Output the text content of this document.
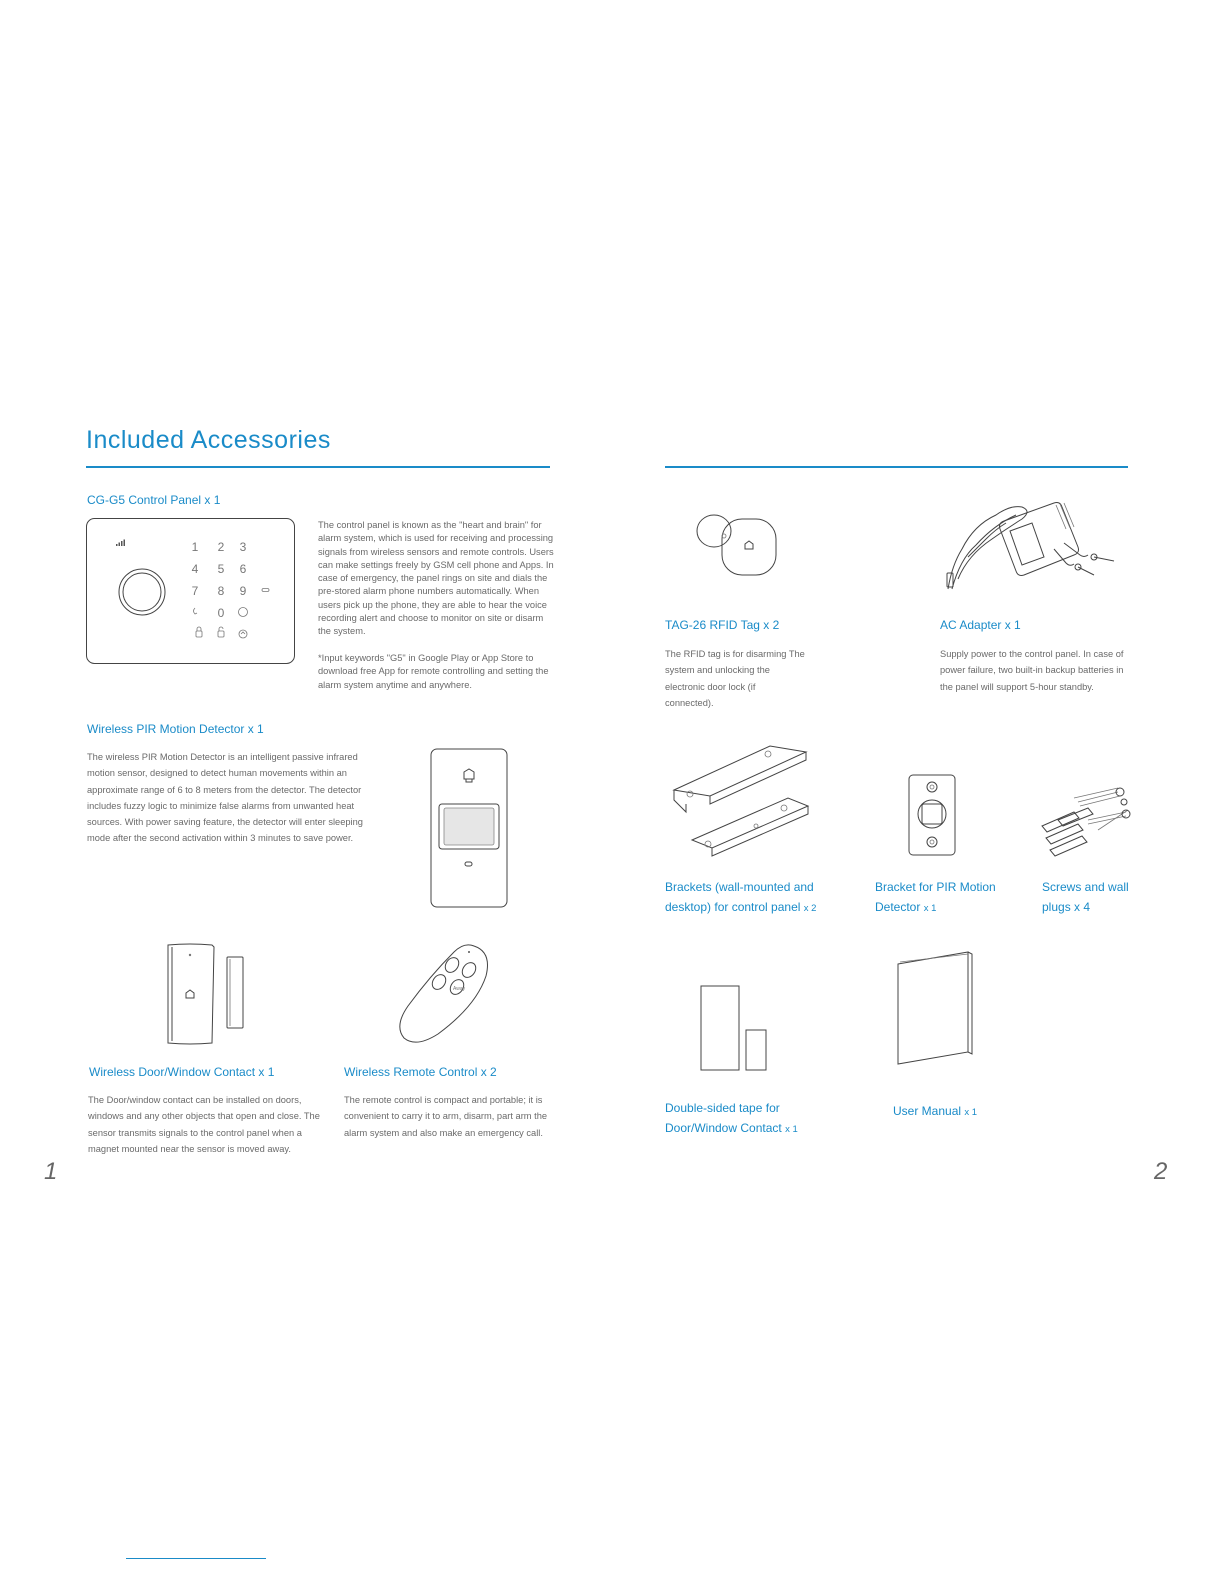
Included Accessories
CG-G5 Control Panel x 1
1 2 3
4 5 6
7 8 9
0

The control panel is known as the "heart and brain" for alarm system, which is used for receiving and processing signals from wireless sensors and remote controls. Users can make settings freely by GSM cell phone and Apps. In case of emergency, the panel rings on site and dials the pre-stored alarm phone numbers automatically. When users pick up the phone, they are able to hear the voice recording alert and choose to monitor on site or disarm the system.

*Input keywords "G5" in Google Play or App Store to download free App for remote controlling and setting the alarm system anytime and anywhere.

Wireless PIR Motion Detector x 1

The wireless PIR Motion Detector is an intelligent passive infrared motion sensor, designed to detect human movements within an approximate range of 6 to 8 meters from the detector. The detector includes fuzzy logic to minimize false alarms from unwanted heat sources. With power saving feature, the detector will enter sleeping mode after the second activation within 3 minutes to save power.

Wireless Door/Window Contact x 1

The Door/window contact can be installed on doors, windows and any other objects that open and close. The sensor transmits signals to the control panel when a magnet mounted near the sensor is moved away.

Away
Wireless Remote Control x 2

The remote control is compact and portable; it is convenient to carry it to arm, disarm, part arm the alarm system and also make an emergency call.

1
TAG-26 RFID Tag x 2

The RFID tag is for disarming The system and unlocking the electronic door lock (if connected).

AC Adapter x 1

Supply power to the control panel. In case of power failure, two built-in backup batteries in the panel will support 5-hour standby.

Brackets (wall-mounted and desktop) for control panel x 2
Bracket for PIR Motion Detector x 1
Screws and wall plugs x 4
Double-sided tape for Door/Window Contact x 1
User Manual x 1
2
